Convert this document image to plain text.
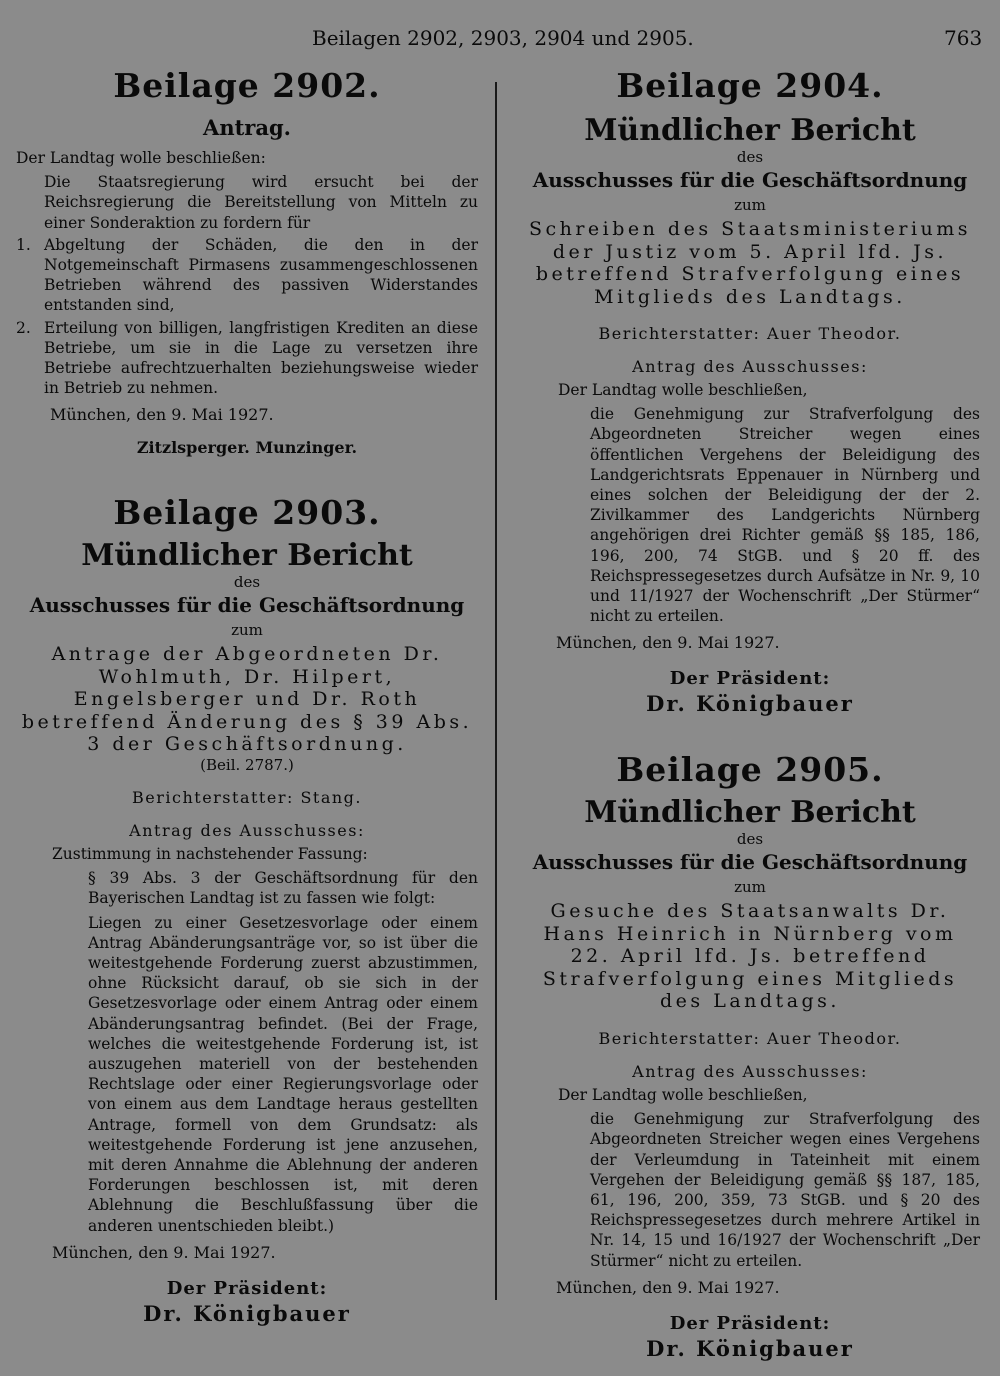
Beilagen 2902, 2903, 2904 und 2905.	763
Beilage 2902.

Antrag.

Der Landtag wolle beschließen:

Die Staatsregierung wird ersucht bei der Reichsregierung die Bereitstellung von Mitteln zu einer Sonderaktion zu fordern für

1. Abgeltung der Schäden, die den in der Notgemeinschaft Pirmasens zusammengeschlossenen Betrieben während des passiven Widerstandes entstanden sind,
2. Erteilung von billigen, langfristigen Krediten an diese Betriebe, um sie in die Lage zu versetzen ihre Betriebe aufrechtzuerhalten beziehungsweise wieder in Betrieb zu nehmen.

München, den 9. Mai 1927.

Zitzlsperger. Munzinger.

Beilage 2903.

Mündlicher Bericht

des

Ausschusses für die Geschäftsordnung

zum

Antrage der Abgeordneten Dr. Wohlmuth, Dr. Hilpert, Engelsberger und Dr. Roth betreffend Änderung des § 39 Abs. 3 der Geschäftsordnung.

(Beil. 2787.)

Berichterstatter: Stang.

Antrag des Ausschusses:

Zustimmung in nachstehender Fassung:

§ 39 Abs. 3 der Geschäftsordnung für den Bayerischen Landtag ist zu fassen wie folgt:

Liegen zu einer Gesetzesvorlage oder einem Antrag Abänderungsanträge vor, so ist über die weitestgehende Forderung zuerst abzustimmen, ohne Rücksicht darauf, ob sie sich in der Gesetzesvorlage oder einem Antrag oder einem Abänderungsantrag befindet. (Bei der Frage, welches die weitestgehende Forderung ist, ist auszugehen materiell von der bestehenden Rechtslage oder einer Regierungsvorlage oder von einem aus dem Landtage heraus gestellten Antrage, formell von dem Grundsatz: als weitestgehende Forderung ist jene anzusehen, mit deren Annahme die Ablehnung der anderen Forderungen beschlossen ist, mit deren Ablehnung die Beschlußfassung über die anderen unentschieden bleibt.)

München, den 9. Mai 1927.

Der Präsident:

Dr. Königbauer

Beilage 2904.

Mündlicher Bericht

des

Ausschusses für die Geschäftsordnung

zum

Schreiben des Staatsministeriums der Justiz vom 5. April lfd. Js. betreffend Strafverfolgung eines Mitglieds des Landtags.

Berichterstatter: Auer Theodor.

Antrag des Ausschusses:

Der Landtag wolle beschließen,

die Genehmigung zur Strafverfolgung des Abgeordneten Streicher wegen eines öffentlichen Vergehens der Beleidigung des Landgerichtsrats Eppenauer in Nürnberg und eines solchen der Beleidigung der der 2. Zivilkammer des Landgerichts Nürnberg angehörigen drei Richter gemäß §§ 185, 186, 196, 200, 74 StGB. und § 20 ff. des Reichspressegesetzes durch Aufsätze in Nr. 9, 10 und 11/1927 der Wochenschrift „Der Stürmer“ nicht zu erteilen.

München, den 9. Mai 1927.

Der Präsident:

Dr. Königbauer

Beilage 2905.

Mündlicher Bericht

des

Ausschusses für die Geschäftsordnung

zum

Gesuche des Staatsanwalts Dr. Hans Heinrich in Nürnberg vom 22. April lfd. Js. betreffend Strafverfolgung eines Mitglieds des Landtags.

Berichterstatter: Auer Theodor.

Antrag des Ausschusses:

Der Landtag wolle beschließen,

die Genehmigung zur Strafverfolgung des Abgeordneten Streicher wegen eines Vergehens der Verleumdung in Tateinheit mit einem Vergehen der Beleidigung gemäß §§ 187, 185, 61, 196, 200, 359, 73 StGB. und § 20 des Reichspressegesetzes durch mehrere Artikel in Nr. 14, 15 und 16/1927 der Wochenschrift „Der Stürmer“ nicht zu erteilen.

München, den 9. Mai 1927.

Der Präsident:

Dr. Königbauer
